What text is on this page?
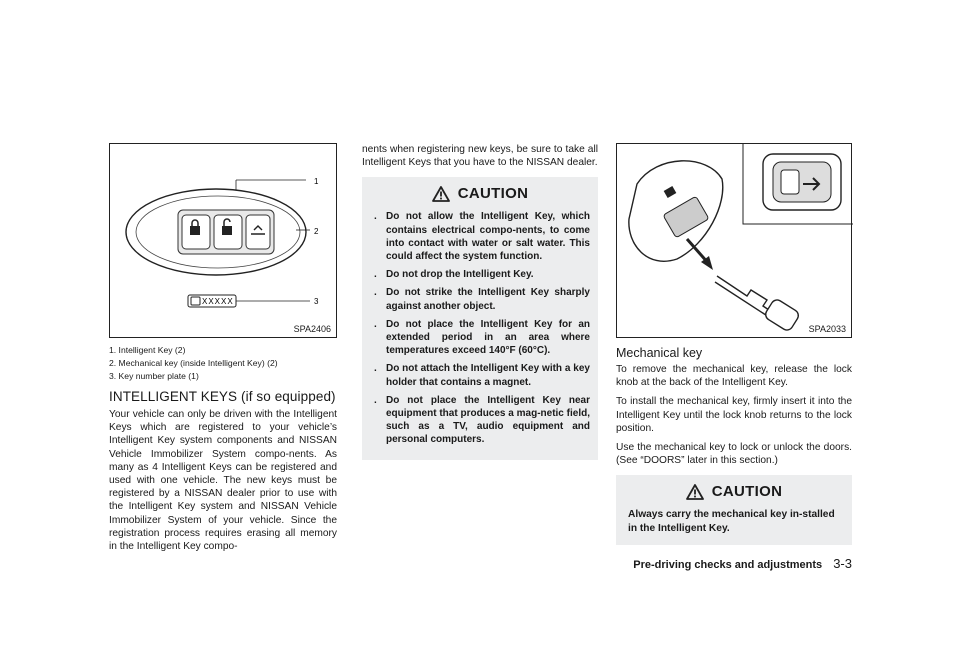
XXXXX
1
2
3
SPA2406
1. Intelligent Key (2)
2. Mechanical key (inside Intelligent Key) (2)
3. Key number plate (1)
INTELLIGENT KEYS (if so equipped)

Your vehicle can only be driven with the Intelligent Keys which are registered to your vehicle’s Intelligent Key system components and NISSAN Vehicle Immobilizer System compo-nents. As many as 4 Intelligent Keys can be registered and used with one vehicle. The new keys must be registered by a NISSAN dealer prior to use with the Intelligent Key system and NISSAN Vehicle Immobilizer System of your vehicle. Since the registration process requires erasing all memory in the Intelligent Key compo-

nents when registering new keys, be sure to take all Intelligent Keys that you have to the NISSAN dealer.

CAUTION
. Do not allow the Intelligent Key, which contains electrical compo-nents, to come into contact with water or salt water. This could affect the system function.
. Do not drop the Intelligent Key.
. Do not strike the Intelligent Key sharply against another object.
. Do not place the Intelligent Key for an extended period in an area where temperatures exceed 140°F (60°C).
. Do not attach the Intelligent Key with a key holder that contains a magnet.
. Do not place the Intelligent Key near equipment that produces a mag-netic field, such as a TV, audio equipment and personal computers.
SPA2033
Mechanical key

To remove the mechanical key, release the lock knob at the back of the Intelligent Key.

To install the mechanical key, firmly insert it into the Intelligent Key until the lock knob returns to the lock position.

Use the mechanical key to lock or unlock the doors. (See “DOORS” later in this section.)

CAUTION
Always carry the mechanical key in-stalled in the Intelligent Key.
Pre-driving checks and adjustments 3-3
